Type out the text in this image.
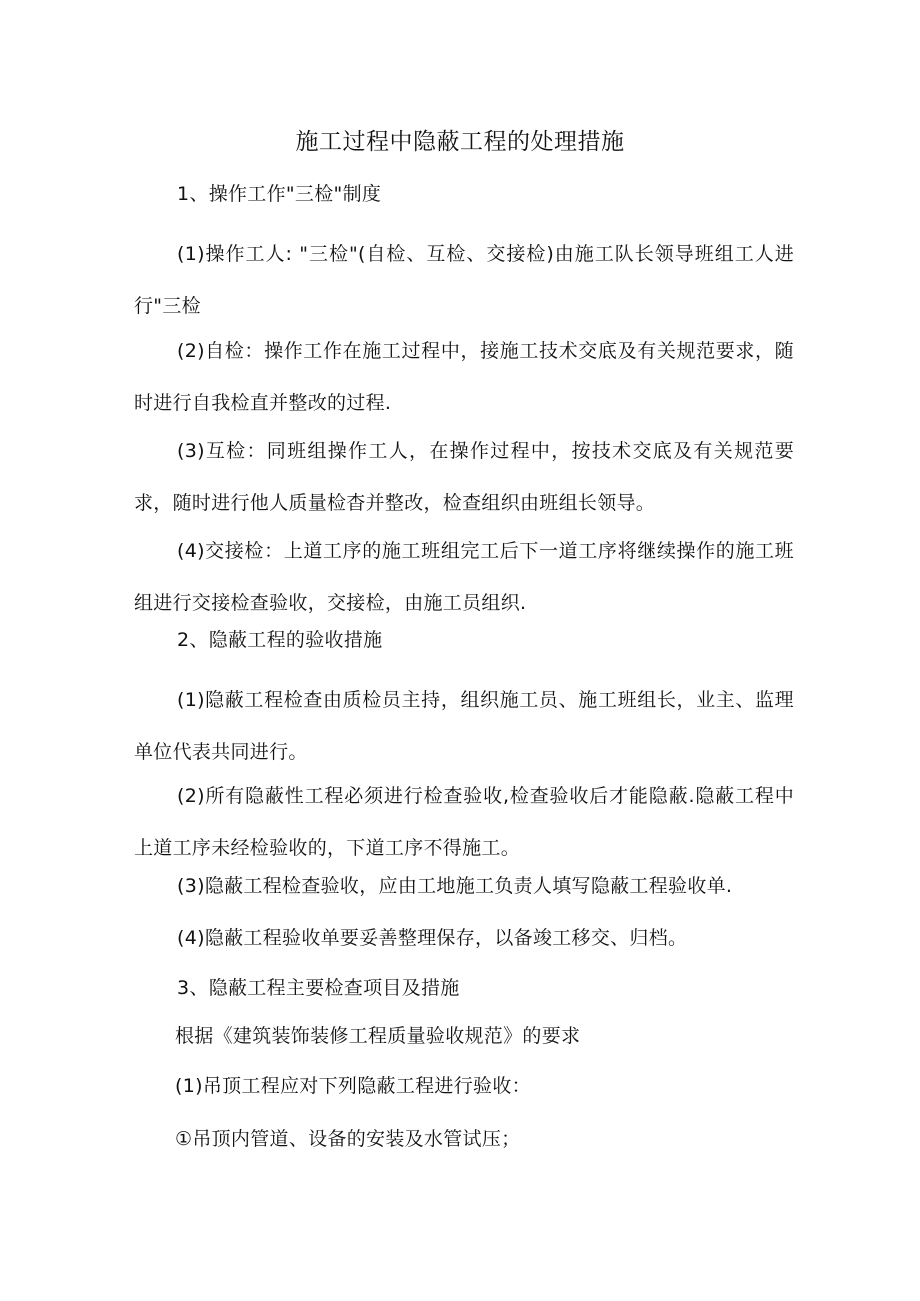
施工过程中隐蔽工程的处理措施
1、操作工作"三检"制度
(1)操作工人: "三检"(自检、互检、交接检)由施工队长领导班组工人进行"三检
(2)自检：操作工作在施工过程中，接施工技术交底及有关规范要求，随时进行自我检直并整改的过程.
(3)互检：同班组操作工人，在操作过程中，按技术交底及有关规范要求，随时进行他人质量检杳并整改，检查组织由班组长领导。
(4)交接检：上道工序的施工班组完工后下一道工序将继续操作的施工班组进行交接检查验收，交接检，由施工员组织.
2、隐蔽工程的验收措施
(1)隐蔽工程检查由质检员主持，组织施工员、施工班组长，业主、监理单位代表共同进行。
(2)所有隐蔽性工程必须进行检查验收,检查验收后才能隐蔽.隐蔽工程中上道工序未经检验收的，下道工序不得施工。
(3)隐蔽工程检查验收，应由工地施工负责人填写隐蔽工程验收单.
(4)隐蔽工程验收单要妥善整理保存，以备竣工移交、归档。
3、隐蔽工程主要检查项目及措施
根据《建筑装饰装修工程质量验收规范》的要求
(1)吊顶工程应对下列隐蔽工程进行验收：
①吊顶内管道、设备的安装及水管试压；
